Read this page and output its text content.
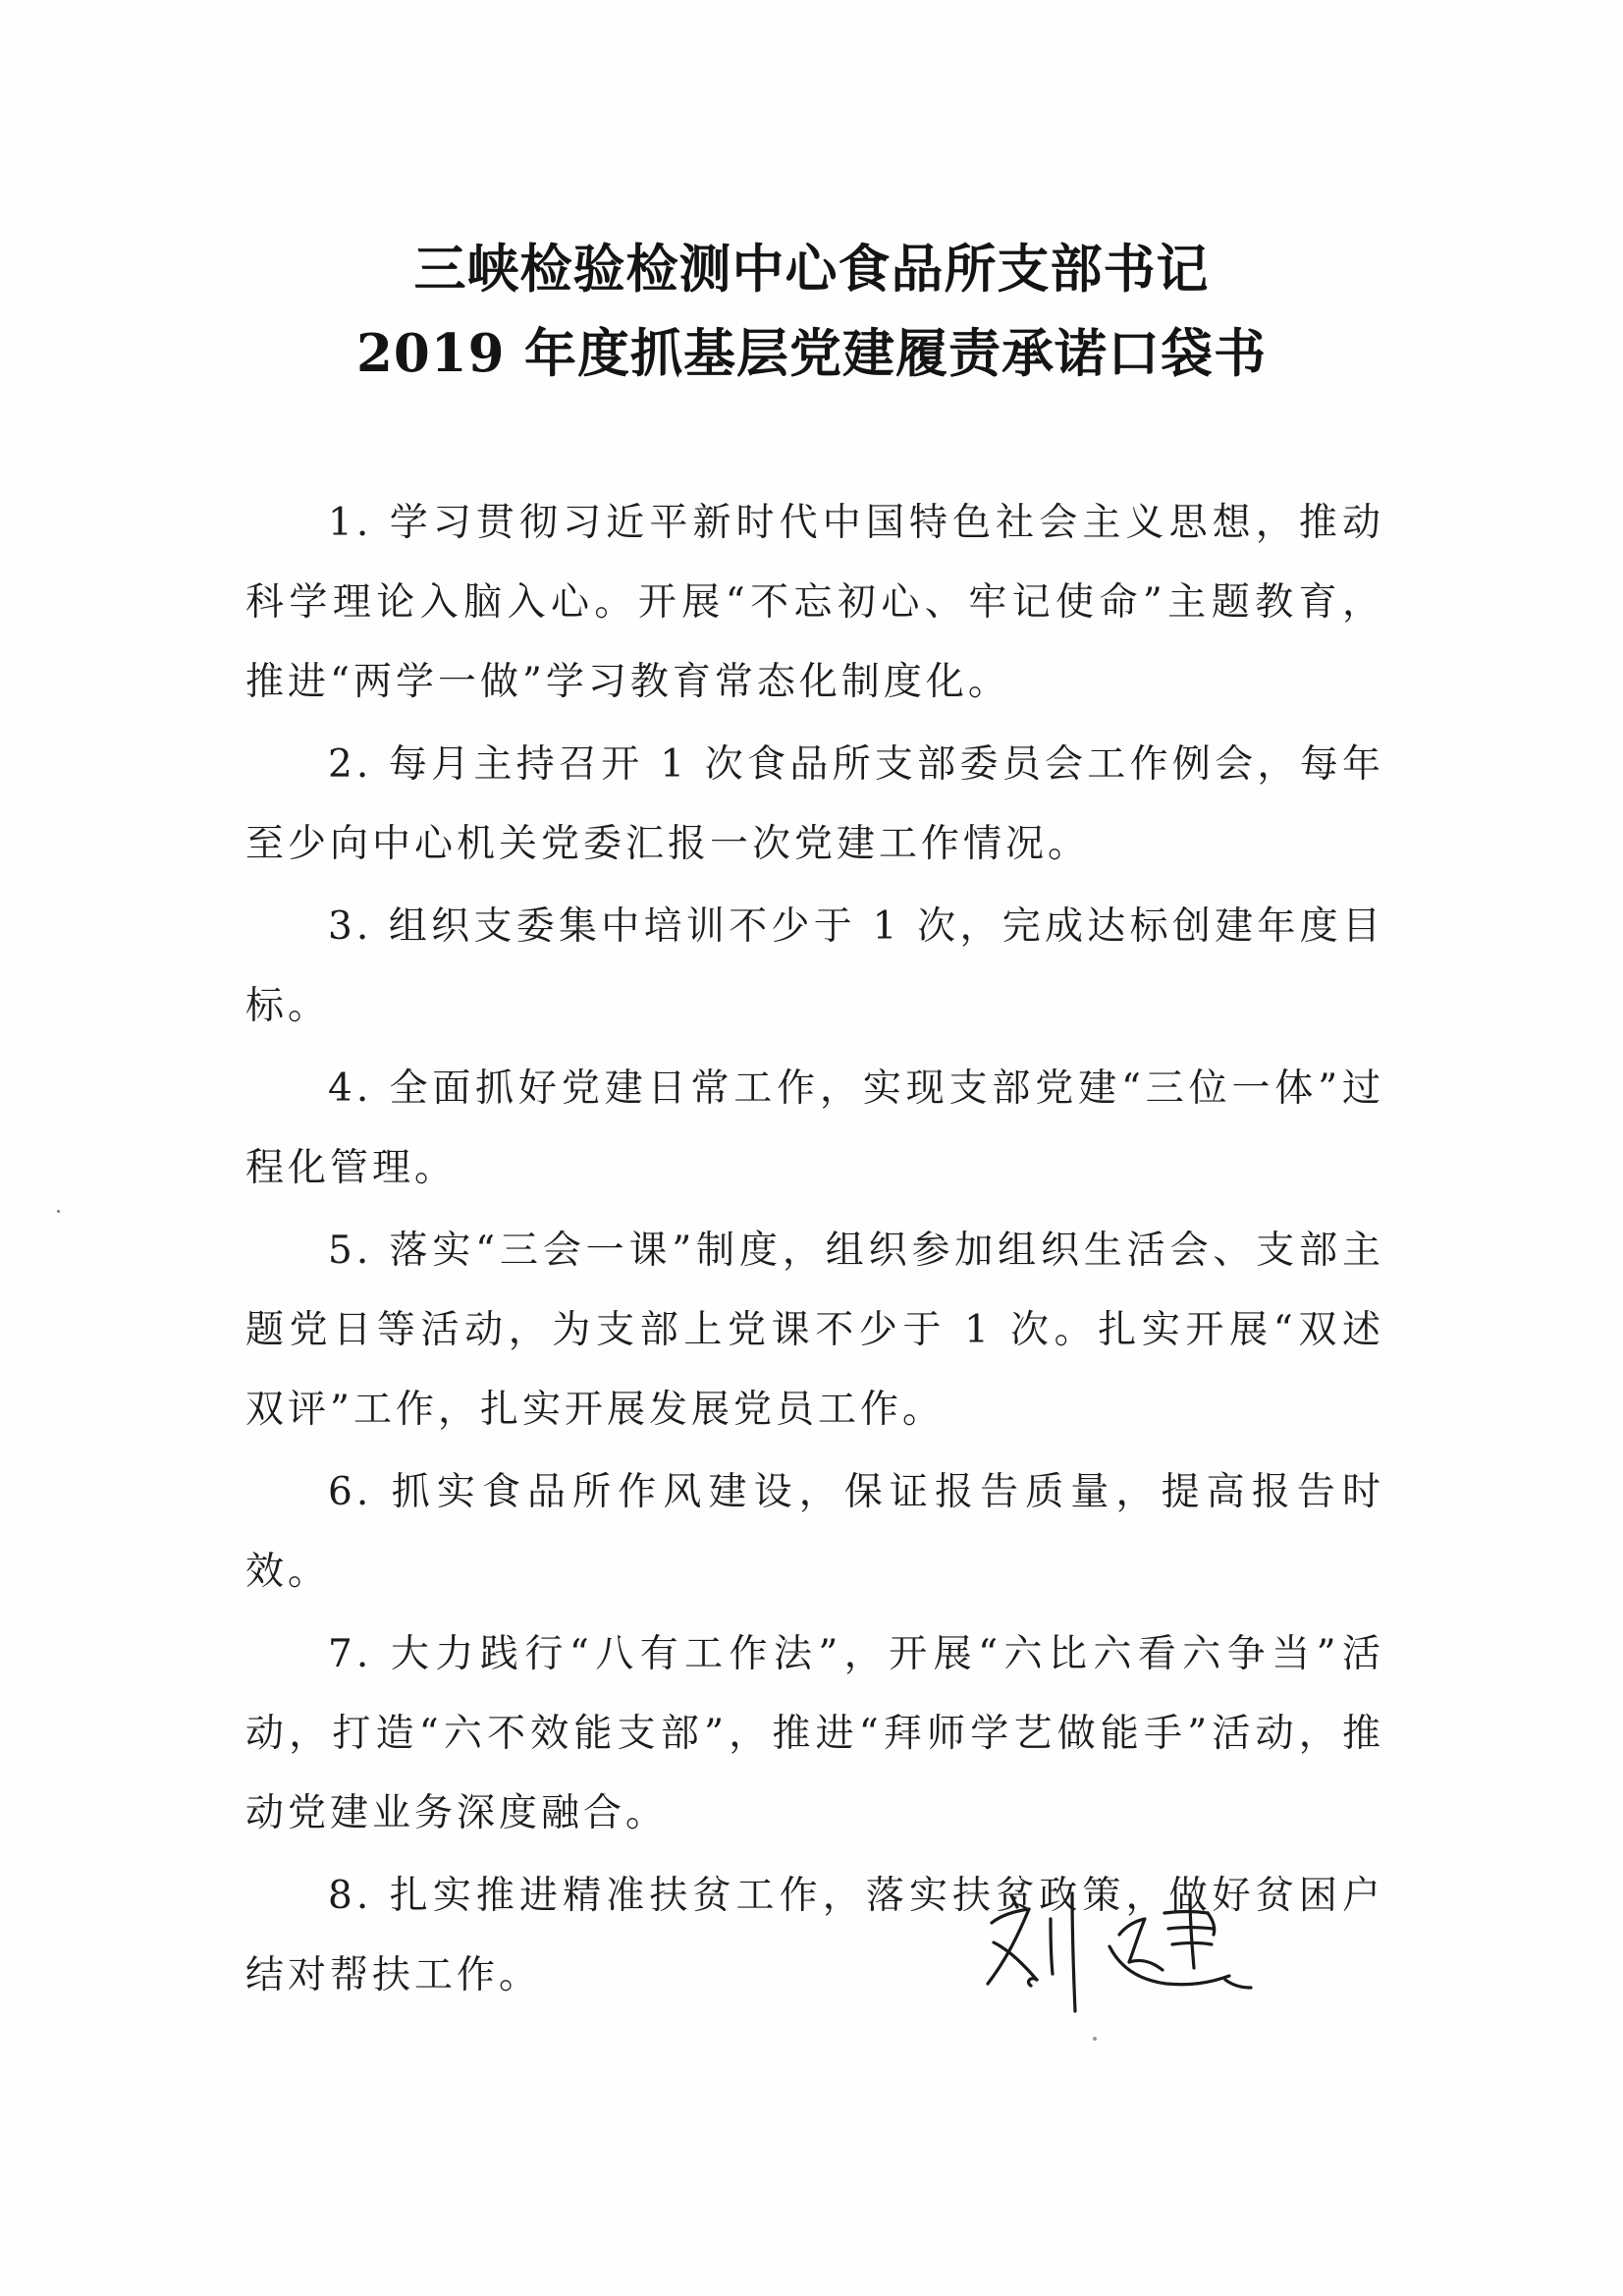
三峡检验检测中心食品所支部书记
2019 年度抓基层党建履责承诺口袋书

1. 学习贯彻习近平新时代中国特色社会主义思想，推动科学理论入脑入心。开展“不忘初心、牢记使命”主题教育，推进“两学一做”学习教育常态化制度化。

2. 每月主持召开 1 次食品所支部委员会工作例会，每年至少向中心机关党委汇报一次党建工作情况。

3. 组织支委集中培训不少于 1 次，完成达标创建年度目标。

4. 全面抓好党建日常工作，实现支部党建“三位一体”过程化管理。

5. 落实“三会一课”制度，组织参加组织生活会、支部主题党日等活动，为支部上党课不少于 1 次。扎实开展“双述双评”工作，扎实开展发展党员工作。

6. 抓实食品所作风建设，保证报告质量，提高报告时效。

7. 大力践行“八有工作法”，开展“六比六看六争当”活动，打造“六不效能支部”，推进“拜师学艺做能手”活动，推动党建业务深度融合。

8. 扎实推进精准扶贫工作，落实扶贫政策，做好贫困户结对帮扶工作。
